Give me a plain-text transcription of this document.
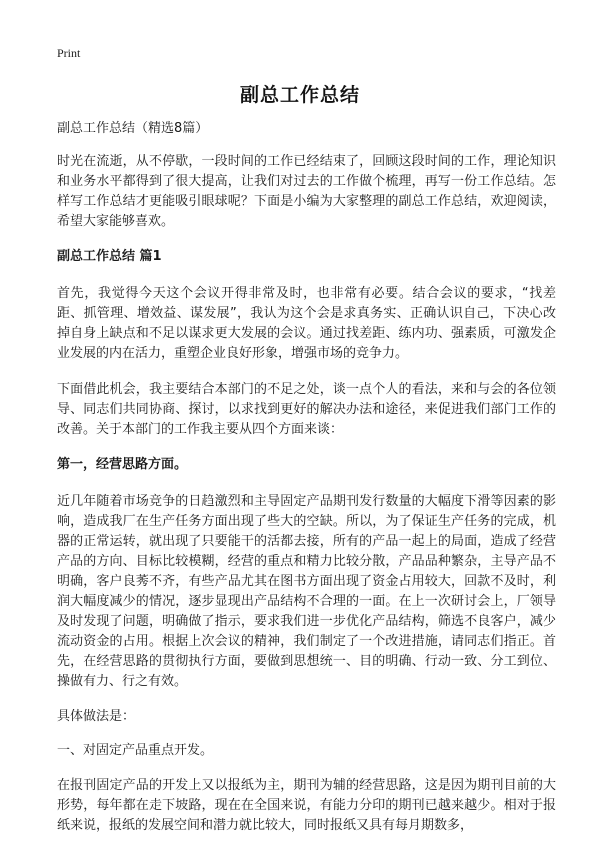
Print
副总工作总结
副总工作总结（精选8篇）

时光在流逝，从不停歇，一段时间的工作已经结束了，回顾这段时间的工作，理论知识和业务水平都得到了很大提高，让我们对过去的工作做个梳理，再写一份工作总结。怎样写工作总结才更能吸引眼球呢？下面是小编为大家整理的副总工作总结，欢迎阅读，希望大家能够喜欢。

副总工作总结 篇1

首先，我觉得今天这个会议开得非常及时，也非常有必要。结合会议的要求，“找差距、抓管理、增效益、谋发展”，我认为这个会是求真务实、正确认识自己，下决心改掉自身上缺点和不足以谋求更大发展的会议。通过找差距、练内功、强素质，可激发企业发展的内在活力，重塑企业良好形象，增强市场的竞争力。

下面借此机会，我主要结合本部门的不足之处，谈一点个人的看法，来和与会的各位领导、同志们共同协商、探讨，以求找到更好的解决办法和途径，来促进我们部门工作的改善。关于本部门的工作我主要从四个方面来谈：

第一，经营思路方面。

近几年随着市场竞争的日趋激烈和主导固定产品期刊发行数量的大幅度下滑等因素的影响，造成我厂在生产任务方面出现了些大的空缺。所以，为了保证生产任务的完成，机器的正常运转，就出现了只要能干的活都去接，所有的产品一起上的局面，造成了经营产品的方向、目标比较模糊，经营的重点和精力比较分散，产品品种繁杂，主导产品不明确，客户良莠不齐，有些产品尤其在图书方面出现了资金占用较大，回款不及时，利润大幅度减少的情况，逐步显现出产品结构不合理的一面。在上一次研讨会上，厂领导及时发现了问题，明确做了指示，要求我们进一步优化产品结构，筛选不良客户，减少流动资金的占用。根据上次会议的精神，我们制定了一个改进措施，请同志们指正。首先，在经营思路的贯彻执行方面，要做到思想统一、目的明确、行动一致、分工到位、操做有力、行之有效。

具体做法是：
一、对固定产品重点开发。

在报刊固定产品的开发上又以报纸为主，期刊为辅的经营思路，这是因为期刊目前的大形势，每年都在走下坡路，现在在全国来说，有能力分印的期刊已越来越少。相对于报纸来说，报纸的发展空间和潜力就比较大，同时报纸又具有每月期数多，
